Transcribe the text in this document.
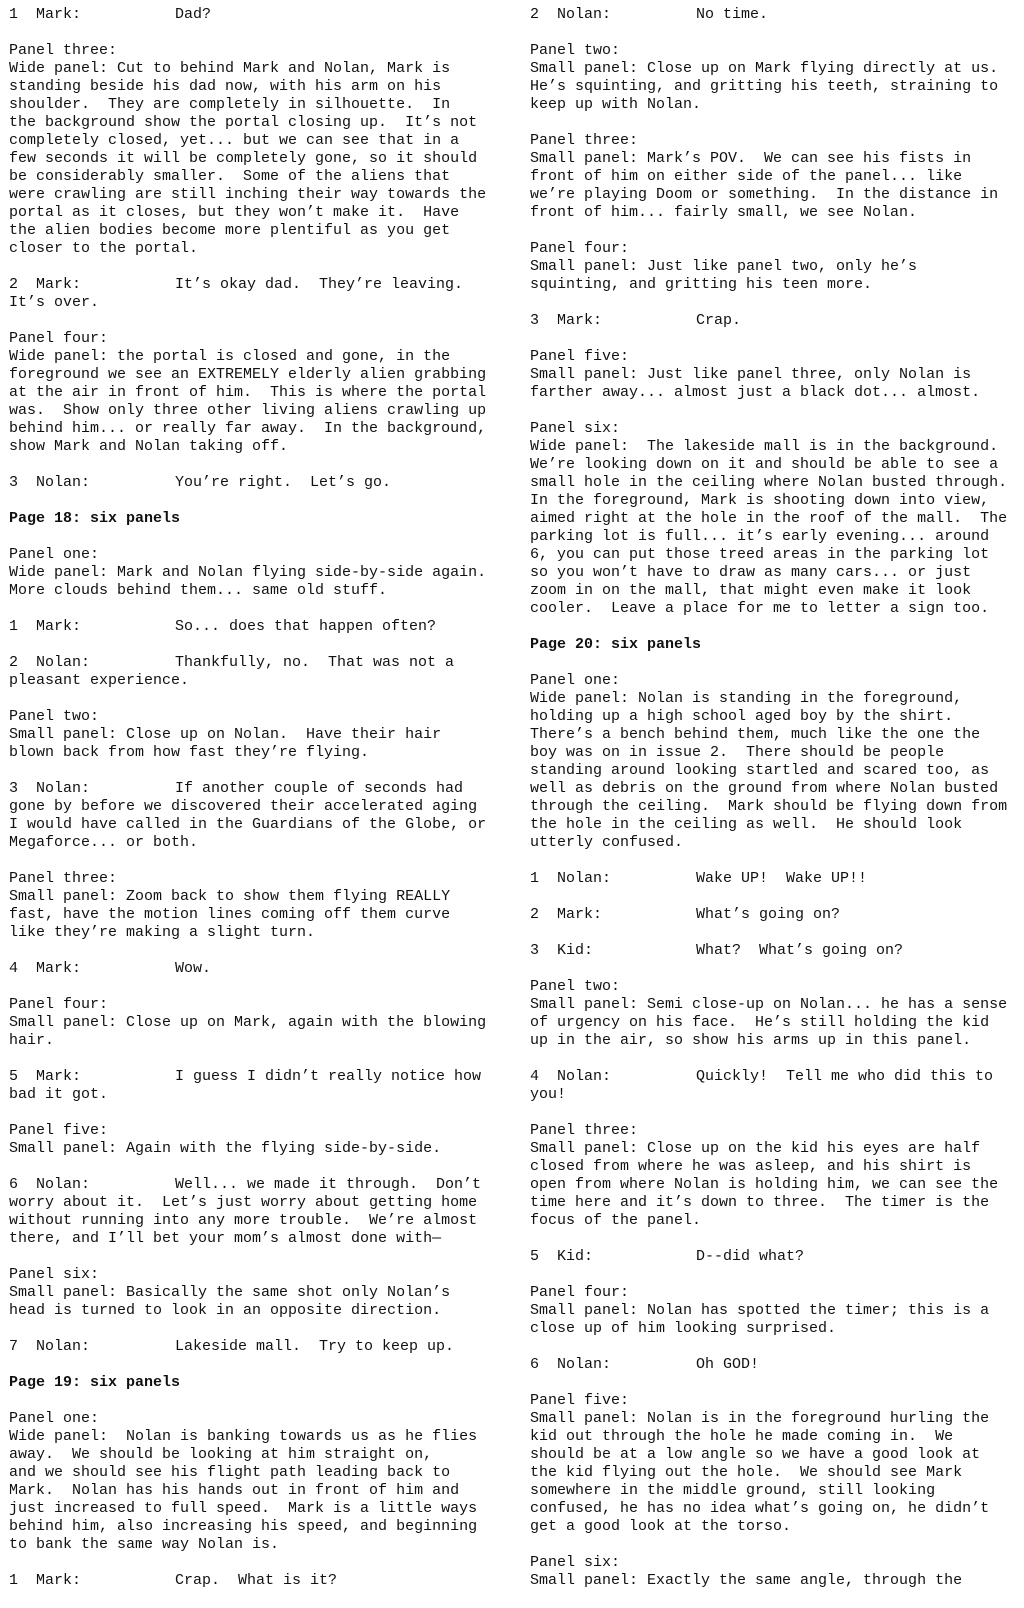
1 Mark:	Dad?
Panel three:
Wide panel: Cut to behind Mark and Nolan, Mark is
standing beside his dad now, with his arm on his
shoulder.  They are completely in silhouette.  In
the background show the portal closing up.  It’s not
completely closed, yet... but we can see that in a
few seconds it will be completely gone, so it should
be considerably smaller.  Some of the aliens that
were crawling are still inching their way towards the
portal as it closes, but they won’t make it.  Have
the alien bodies become more plentiful as you get
closer to the portal.
2 Mark:	It’s okay dad.  They’re leaving.
It’s over.
Panel four:
Wide panel: the portal is closed and gone, in the
foreground we see an EXTREMELY elderly alien grabbing
at the air in front of him.  This is where the portal
was.  Show only three other living aliens crawling up
behind him... or really far away.  In the background,
show Mark and Nolan taking off.
3 Nolan:	You’re right.  Let’s go.
Page 18: six panels
Panel one:
Wide panel: Mark and Nolan flying side-by-side again.
More clouds behind them... same old stuff.
1 Mark:	So... does that happen often?
2 Nolan:	Thankfully, no.  That was not a
pleasant experience.
Panel two:
Small panel: Close up on Nolan.  Have their hair
blown back from how fast they’re flying.
3 Nolan:	If another couple of seconds had
gone by before we discovered their accelerated aging
I would have called in the Guardians of the Globe, or
Megaforce... or both.
Panel three:
Small panel: Zoom back to show them flying REALLY
fast, have the motion lines coming off them curve
like they’re making a slight turn.
4 Mark:	Wow.
Panel four:
Small panel: Close up on Mark, again with the blowing
hair.
5 Mark:	I guess I didn’t really notice how
bad it got.
Panel five:
Small panel: Again with the flying side-by-side.
6 Nolan:	Well... we made it through.  Don’t
worry about it.  Let’s just worry about getting home
without running into any more trouble.  We’re almost
there, and I’ll bet your mom’s almost done with—
Panel six:
Small panel: Basically the same shot only Nolan’s
head is turned to look in an opposite direction.
7 Nolan:	Lakeside mall.  Try to keep up.
Page 19: six panels
Panel one:
Wide panel:  Nolan is banking towards us as he flies
away.  We should be looking at him straight on,
and we should see his flight path leading back to
Mark.  Nolan has his hands out in front of him and
just increased to full speed.  Mark is a little ways
behind him, also increasing his speed, and beginning
to bank the same way Nolan is.
1 Mark:	Crap.  What is it?
2 Nolan:	No time.
Panel two:
Small panel: Close up on Mark flying directly at us.
He’s squinting, and gritting his teeth, straining to
keep up with Nolan.
Panel three:
Small panel: Mark’s POV.  We can see his fists in
front of him on either side of the panel... like
we’re playing Doom or something.  In the distance in
front of him... fairly small, we see Nolan.
Panel four:
Small panel: Just like panel two, only he’s
squinting, and gritting his teen more.
3 Mark:	Crap.
Panel five:
Small panel: Just like panel three, only Nolan is
farther away... almost just a black dot... almost.
Panel six:
Wide panel:  The lakeside mall is in the background.
We’re looking down on it and should be able to see a
small hole in the ceiling where Nolan busted through.
In the foreground, Mark is shooting down into view,
aimed right at the hole in the roof of the mall.  The
parking lot is full... it’s early evening... around
6, you can put those treed areas in the parking lot
so you won’t have to draw as many cars... or just
zoom in on the mall, that might even make it look
cooler.  Leave a place for me to letter a sign too.
Page 20: six panels
Panel one:
Wide panel: Nolan is standing in the foreground,
holding up a high school aged boy by the shirt.
There’s a bench behind them, much like the one the
boy was on in issue 2.  There should be people
standing around looking startled and scared too, as
well as debris on the ground from where Nolan busted
through the ceiling.  Mark should be flying down from
the hole in the ceiling as well.  He should look
utterly confused.
1 Nolan:	Wake UP!  Wake UP!!
2 Mark:	What’s going on?
3 Kid:	What?  What’s going on?
Panel two:
Small panel: Semi close-up on Nolan... he has a sense
of urgency on his face.  He’s still holding the kid
up in the air, so show his arms up in this panel.
4 Nolan:	Quickly!  Tell me who did this to
you!
Panel three:
Small panel: Close up on the kid his eyes are half
closed from where he was asleep, and his shirt is
open from where Nolan is holding him, we can see the
time here and it’s down to three.  The timer is the
focus of the panel.
5 Kid:	D--did what?
Panel four:
Small panel: Nolan has spotted the timer; this is a
close up of him looking surprised.
6 Nolan:	Oh GOD!
Panel five:
Small panel: Nolan is in the foreground hurling the
kid out through the hole he made coming in.  We
should be at a low angle so we have a good look at
the kid flying out the hole.  We should see Mark
somewhere in the middle ground, still looking
confused, he has no idea what’s going on, he didn’t
get a good look at the torso.
Panel six:
Small panel: Exactly the same angle, through the
